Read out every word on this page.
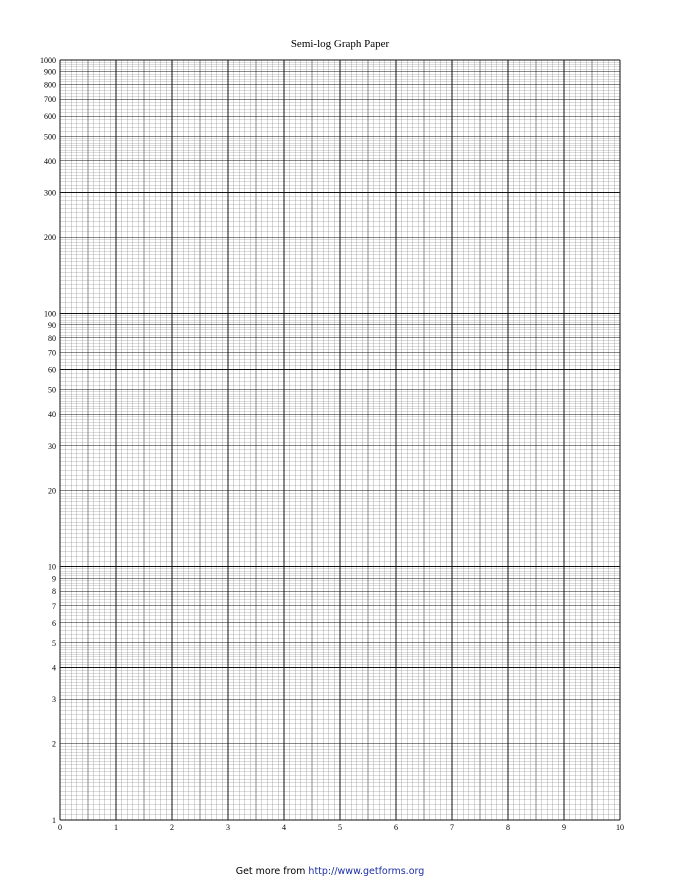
Semi-log Graph Paper
1
2
3
4
5
6
7
8
9
10
20
30
40
50
60
70
80
90
100
200
300
400
500
600
700
800
900
1000
0	1	2	3	4	5	6	7	8	9	10
Get more from http://www.getforms.org
